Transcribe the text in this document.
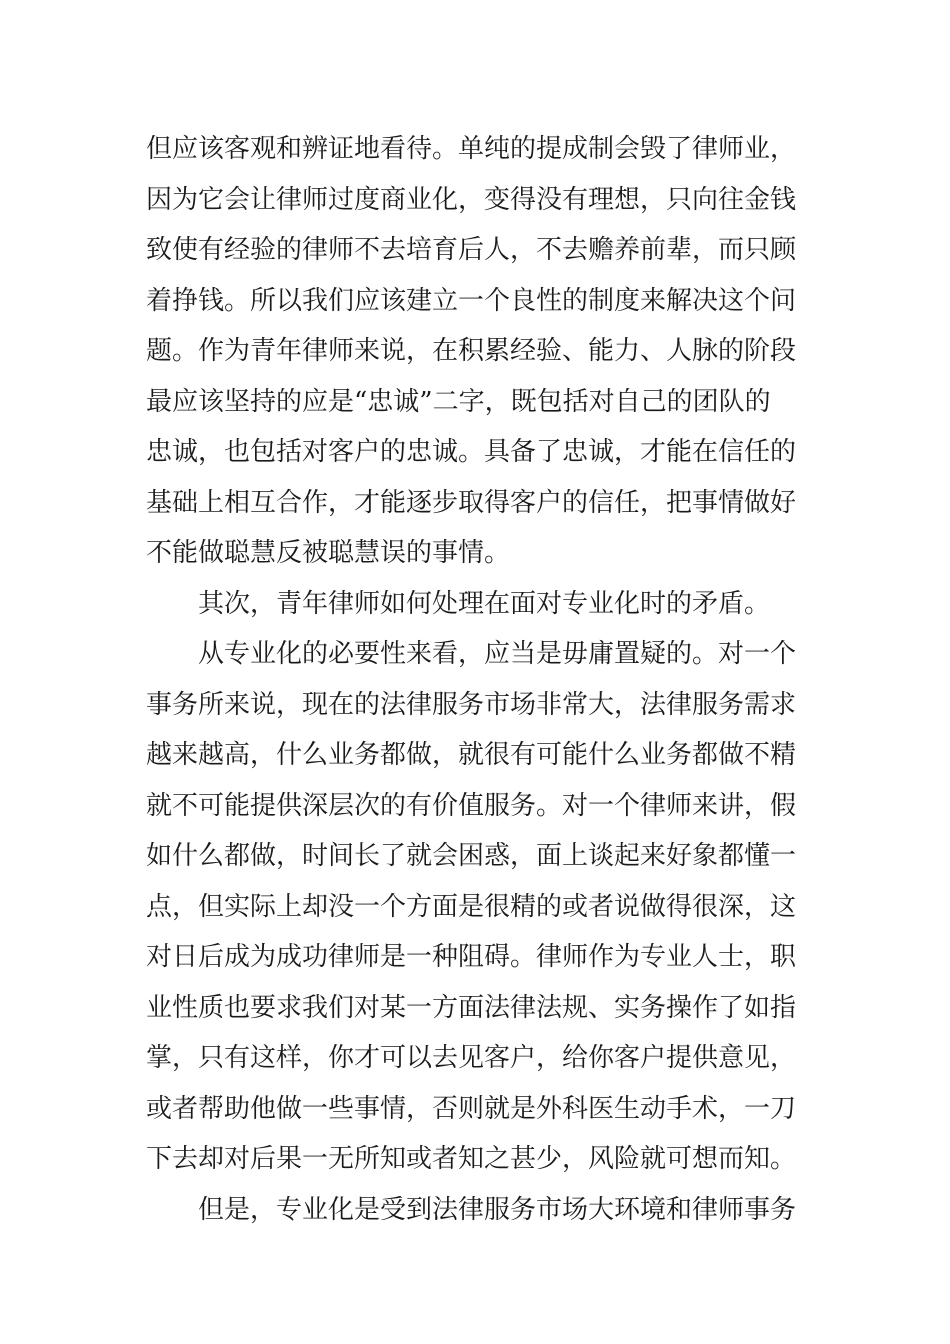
但应该客观和辨证地看待。单纯的提成制会毁了律师业，
因为它会让律师过度商业化，变得没有理想，只向往金钱
致使有经验的律师不去培育后人，不去赡养前辈，而只顾
着挣钱。所以我们应该建立一个良性的制度来解决这个问
题。作为青年律师来说，在积累经验、能力、人脉的阶段
最应该坚持的应是“忠诚”二字，既包括对自己的团队的
忠诚，也包括对客户的忠诚。具备了忠诚，才能在信任的
基础上相互合作，才能逐步取得客户的信任，把事情做好
不能做聪慧反被聪慧误的事情。
其次，青年律师如何处理在面对专业化时的矛盾。
从专业化的必要性来看，应当是毋庸置疑的。对一个
事务所来说，现在的法律服务市场非常大，法律服务需求
越来越高，什么业务都做，就很有可能什么业务都做不精
就不可能提供深层次的有价值服务。对一个律师来讲，假
如什么都做，时间长了就会困惑，面上谈起来好象都懂一
点，但实际上却没一个方面是很精的或者说做得很深，这
对日后成为成功律师是一种阻碍。律师作为专业人士，职
业性质也要求我们对某一方面法律法规、实务操作了如指
掌，只有这样，你才可以去见客户，给你客户提供意见，
或者帮助他做一些事情，否则就是外科医生动手术，一刀
下去却对后果一无所知或者知之甚少，风险就可想而知。
但是，专业化是受到法律服务市场大环境和律师事务
